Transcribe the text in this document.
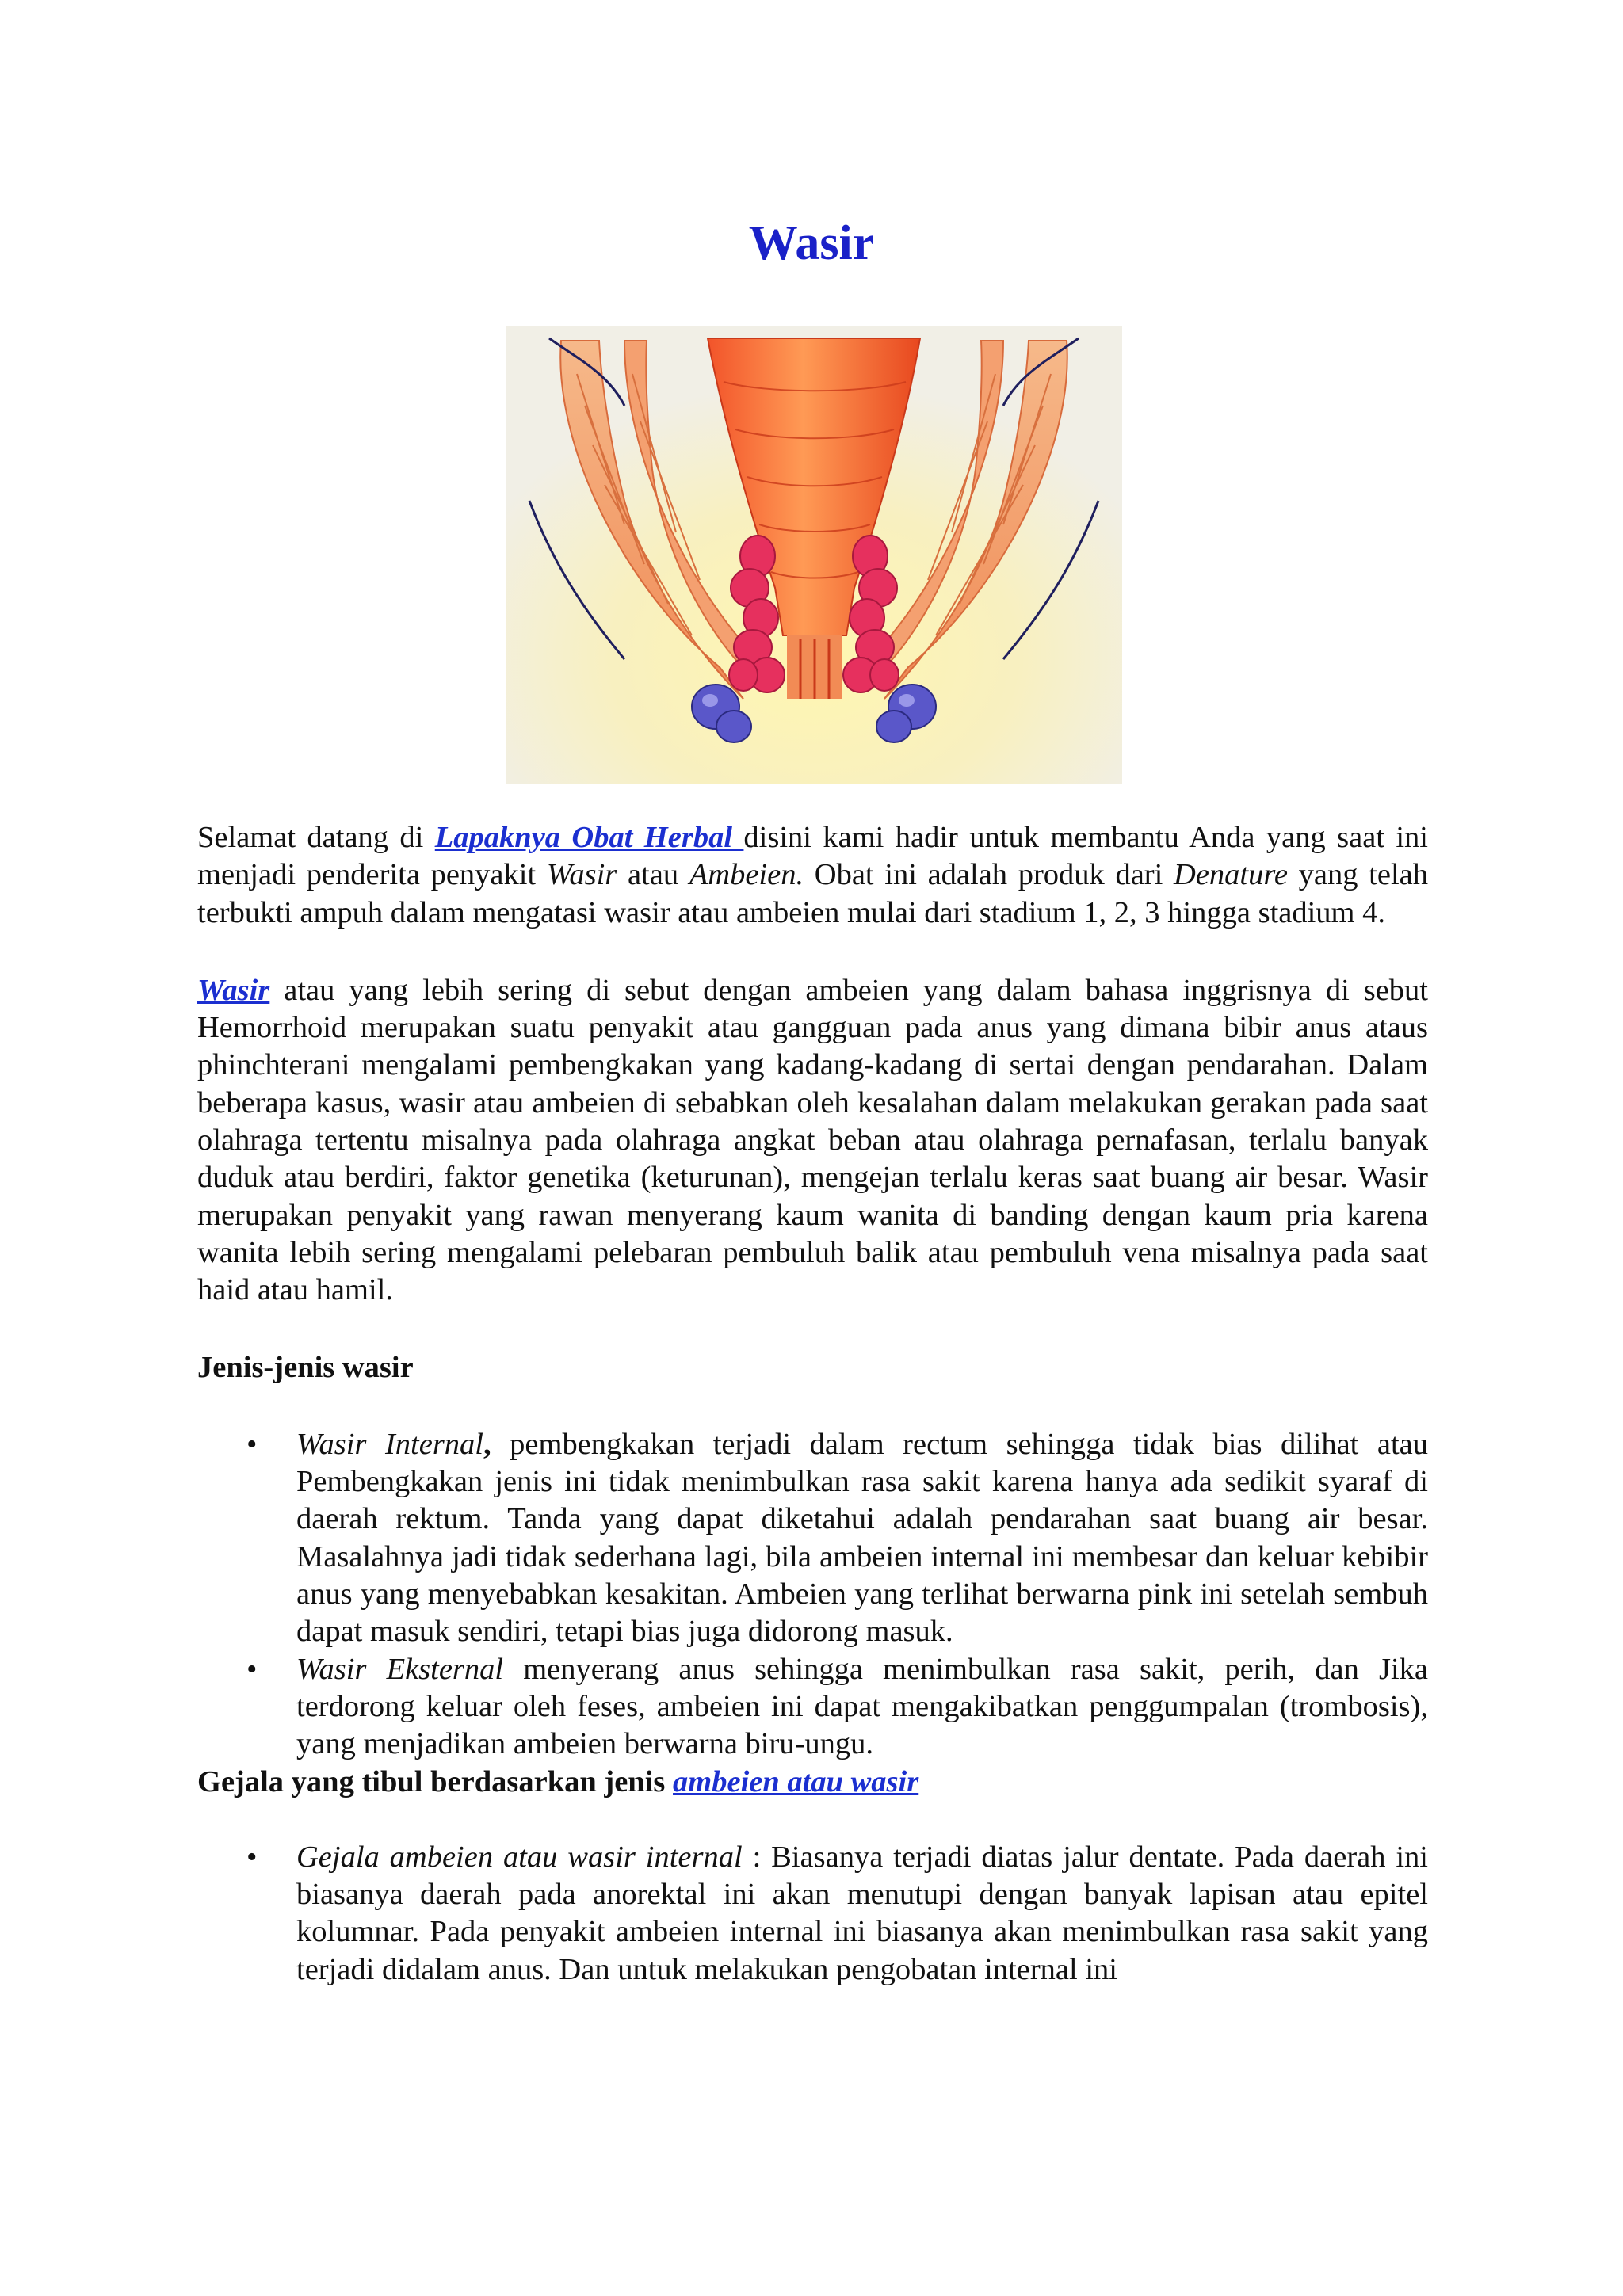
Wasir

Selamat datang di Lapaknya Obat Herbal disini kami hadir untuk membantu Anda yang saat ini menjadi penderita penyakit Wasir atau Ambeien. Obat ini adalah produk dari Denature yang telah terbukti ampuh dalam mengatasi wasir atau ambeien mulai dari stadium 1, 2, 3 hingga stadium 4.

Wasir atau yang lebih sering di sebut dengan ambeien yang dalam bahasa inggrisnya di sebut Hemorrhoid merupakan suatu penyakit atau gangguan pada anus yang dimana bibir anus ataus phinchterani mengalami pembengkakan yang kadang-kadang di sertai dengan pendarahan. Dalam beberapa kasus, wasir atau ambeien di sebabkan oleh kesalahan dalam melakukan gerakan pada saat olahraga tertentu misalnya pada olahraga angkat beban atau olahraga pernafasan, terlalu banyak duduk atau berdiri, faktor genetika (keturunan), mengejan terlalu keras saat buang air besar. Wasir merupakan penyakit yang rawan menyerang kaum wanita di banding dengan kaum pria karena wanita lebih sering mengalami pelebaran pembuluh balik atau pembuluh vena misalnya pada saat haid atau hamil.

Jenis-jenis wasir

• Wasir Internal, pembengkakan terjadi dalam rectum sehingga tidak bias dilihat atau Pembengkakan jenis ini tidak menimbulkan rasa sakit karena hanya ada sedikit syaraf di daerah rektum. Tanda yang dapat diketahui adalah pendarahan saat buang air besar. Masalahnya jadi tidak sederhana lagi, bila ambeien internal ini membesar dan keluar kebibir anus yang menyebabkan kesakitan. Ambeien yang terlihat berwarna pink ini setelah sembuh dapat masuk sendiri, tetapi bias juga didorong masuk.
• Wasir Eksternal menyerang anus sehingga menimbulkan rasa sakit, perih, dan Jika terdorong keluar oleh feses, ambeien ini dapat mengakibatkan penggumpalan (trombosis), yang menjadikan ambeien berwarna biru-ungu.

Gejala yang tibul berdasarkan jenis ambeien atau wasir

• Gejala ambeien atau wasir internal : Biasanya terjadi diatas jalur dentate. Pada daerah ini biasanya daerah pada anorektal ini akan menutupi dengan banyak lapisan atau epitel kolumnar. Pada penyakit ambeien internal ini biasanya akan menimbulkan rasa sakit yang terjadi didalam anus. Dan untuk melakukan pengobatan internal ini
